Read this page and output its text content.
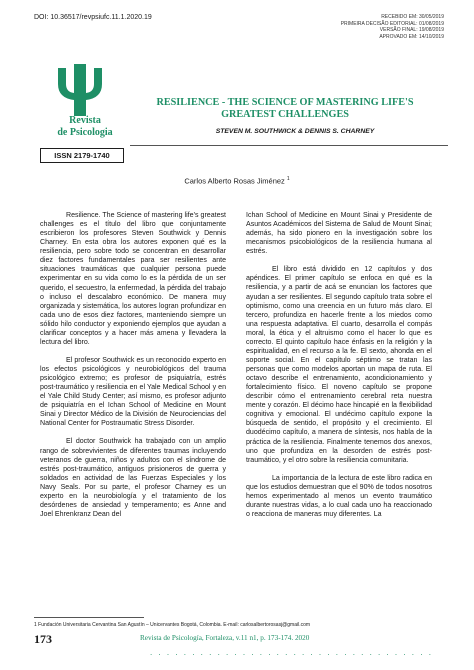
DOI: 10.36517/revpsiufc.11.1.2020.19	RECEBIDO EM: 30/05/2019
PRIMEIRA DECISÃO EDITORIAL: 01/08/2019
VERSÃO FINAL: 19/08/2019
APROVADO EM: 14/10/2019
Revista
de Psicologia
ISSN 2179-1740
RESILIENCE - THE SCIENCE OF MASTERING LIFE'S
GREATEST CHALLENGES
STEVEN M. SOUTHWICK & DENNIS S. CHARNEY
Carlos Alberto Rosas Jiménez $^1$

Resilience. The Science of mastering life’s greatest challenges es el título del libro que conjuntamente escribieron los profesores Steven Southwick y Dennis Charney. En esta obra los autores exponen qué es la resiliencia, pero sobre todo se concentran en desarrollar diez factores fundamentales para ser resilientes ante situaciones traumáticas que cualquier persona puede experimentar en su vida como lo es la pérdida de un ser querido, el secuestro, la enfermedad, la pérdida del trabajo o incluso el descalabro económico. De manera muy organizada y sistemática, los autores logran profundizar en cada uno de esos diez factores, manteniendo siempre un sólido hilo conductor y exponiendo ejemplos que ayudan a clarificar conceptos y a hacer más amena y llevadera la lectura del libro.

El profesor Southwick es un reconocido experto en los efectos psicológicos y neurobiológicos del trauma psicológico extremo; es profesor de psiquiatría, estrés post-traumático y resiliencia en el Yale Medical School y en el Yale Child Study Center; así mismo, es profesor adjunto de psiquiatría en el Ichan School of Medicine en Mount Sinai y Director Médico de la División de Neurociencias del National Center for Postraumatic Stress Disorder.

El doctor Southwick ha trabajado con un amplio rango de sobrevivientes de diferentes traumas incluyendo veteranos de guerra, niños y adultos con el síndrome de estrés post-traumático, antiguos prisioneros de guerra y soldados en actividad de las Fuerzas Especiales y los Navy Seals. Por su parte, el profesor Charney es un experto en la neurobiología y el tratamiento de los desórdenes de ansiedad y temperamento; es Anne and Joel Ehrenkranz Dean del

Ichan School of Medicine en Mount Sinai y Presidente de Asuntos Académicos del Sistema de Salud de Mount Sinai; además, ha sido pionero en la investigación sobre los mecanismos psicobiológicos de la resiliencia humana al estrés.

El libro está dividido en 12 capítulos y dos apéndices. El primer capítulo se enfoca en qué es la resiliencia, y a partir de acá se enuncian los factores que ayudan a ser resilientes. El segundo capítulo trata sobre el optimismo, como una creencia en un futuro más claro. El tercero, profundiza en hacerle frente a los miedos como una respuesta adaptativa. El cuarto, desarrolla el compás moral, la ética y el altruismo como el hacer lo que es correcto. El quinto capítulo hace énfasis en la religión y la espiritualidad, en el recurso a la fe. El sexto, ahonda en el soporte social. En el capítulo séptimo se tratan las personas que como modelos aportan un mapa de ruta. El octavo describe el entrenamiento, acondicionamiento y fortalecimiento físico. El noveno capítulo se propone describir cómo el entrenamiento cerebral reta nuestra mente y corazón. El décimo hace hincapié en la flexibilidad cognitiva y emocional. El undécimo capítulo expone la búsqueda de sentido, el propósito y el crecimiento. El duodécimo capítulo, a manera de síntesis, nos habla de la práctica de la resiliencia. Finalmente tenemos dos anexos, uno que profundiza en la desorden de estrés post-traumático, y el otro sobre la resiliencia comunitaria.

La importancia de la lectura de este libro radica en que los estudios demuestran que el 90% de todos nosotros hemos experimentado al menos un evento traumático durante nuestras vidas, a lo cual cada uno ha reaccionado o reacciona de maneras muy diferentes. La

1 Fundación Universitaria Cervantina San Agustín – Unicervantes Bogotá, Colombia. E-mail: carlosalbertorosasj@gmail.com
173	Revista de Psicología, Fortaleza, v.11 n1, p. 173-174. 2020
. . . . . . . . . . . . . . . . . . . . . . . . . . . . . . . . . .
